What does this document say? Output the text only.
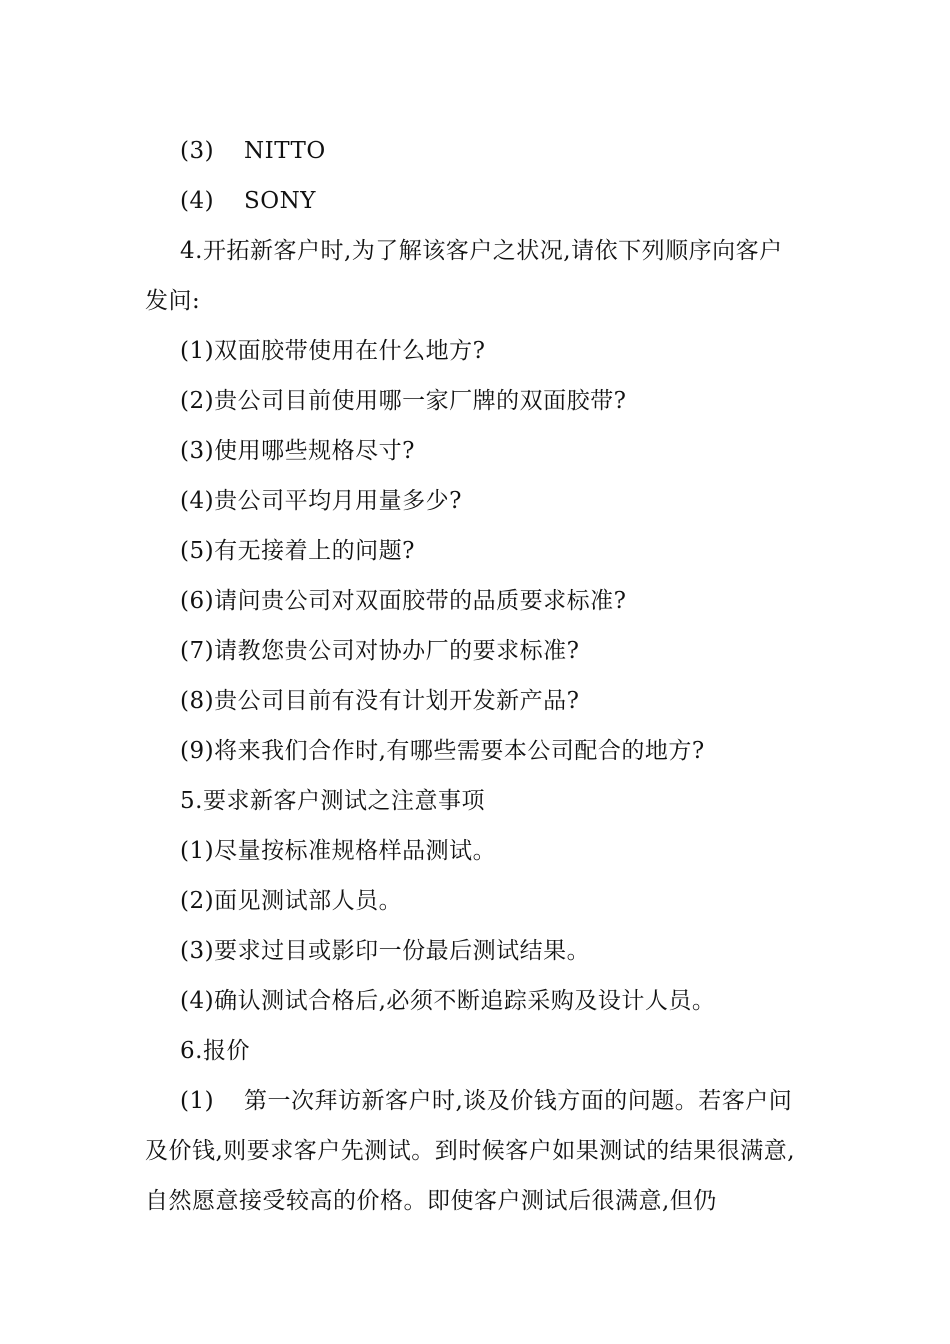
(3) NITTO
(4) SONY
4.开拓新客户时,为了解该客户之状况,请依下列顺序向客户
发问:
(1)双面胶带使用在什么地方?
(2)贵公司目前使用哪一家厂牌的双面胶带?
(3)使用哪些规格尽寸?
(4)贵公司平均月用量多少?
(5)有无接着上的问题?
(6)请问贵公司对双面胶带的品质要求标准?
(7)请教您贵公司对协办厂的要求标准?
(8)贵公司目前有没有计划开发新产品?
(9)将来我们合作时,有哪些需要本公司配合的地方?
5.要求新客户测试之注意事项
(1)尽量按标准规格样品测试。
(2)面见测试部人员。
(3)要求过目或影印一份最后测试结果。
(4)确认测试合格后,必须不断追踪采购及设计人员。
6.报价
(1) 第一次拜访新客户时,谈及价钱方面的问题。若客户问
及价钱,则要求客户先测试。到时候客户如果测试的结果很满意,
自然愿意接受较高的价格。即使客户测试后很满意,但仍
